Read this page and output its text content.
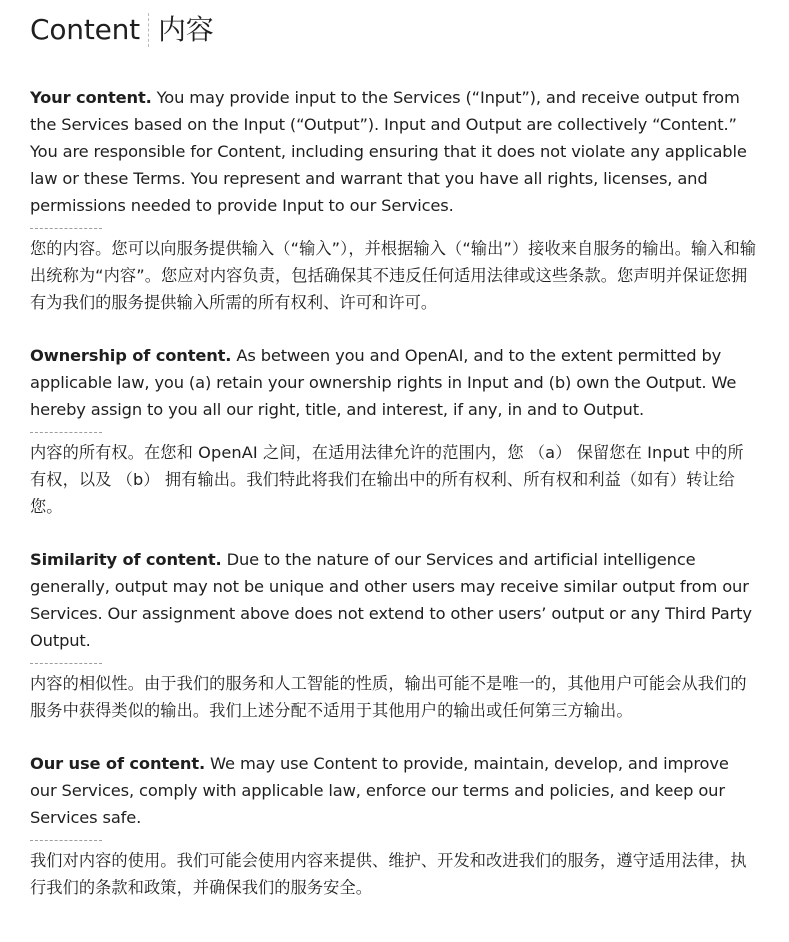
Content 内容

Your content. You may provide input to the Services (“Input”), and receive output from the Services based on the Input (“Output”). Input and Output are collectively “Content.” You are responsible for Content, including ensuring that it does not violate any applicable law or these Terms. You represent and warrant that you have all rights, licenses, and permissions needed to provide Input to our Services.

您的内容。您可以向服务提供输入（“输入”），并根据输入（“输出”）接收来自服务的输出。输入和输出统称为“内容”。您应对内容负责，包括确保其不违反任何适用法律或这些条款。您声明并保证您拥有为我们的服务提供输入所需的所有权利、许可和许可。

Ownership of content. As between you and OpenAI, and to the extent permitted by applicable law, you (a) retain your ownership rights in Input and (b) own the Output. We hereby assign to you all our right, title, and interest, if any, in and to Output.

内容的所有权。在您和 OpenAI 之间，在适用法律允许的范围内，您 （a） 保留您在 Input 中的所有权，以及 （b） 拥有输出。我们特此将我们在输出中的所有权利、所有权和利益（如有）转让给您。

Similarity of content. Due to the nature of our Services and artificial intelligence generally, output may not be unique and other users may receive similar output from our Services. Our assignment above does not extend to other users’ output or any Third Party Output.

内容的相似性。由于我们的服务和人工智能的性质，输出可能不是唯一的，其他用户可能会从我们的服务中获得类似的输出。我们上述分配不适用于其他用户的输出或任何第三方输出。

Our use of content. We may use Content to provide, maintain, develop, and improve our Services, comply with applicable law, enforce our terms and policies, and keep our Services safe.

我们对内容的使用。我们可能会使用内容来提供、维护、开发和改进我们的服务，遵守适用法律，执行我们的条款和政策，并确保我们的服务安全。
